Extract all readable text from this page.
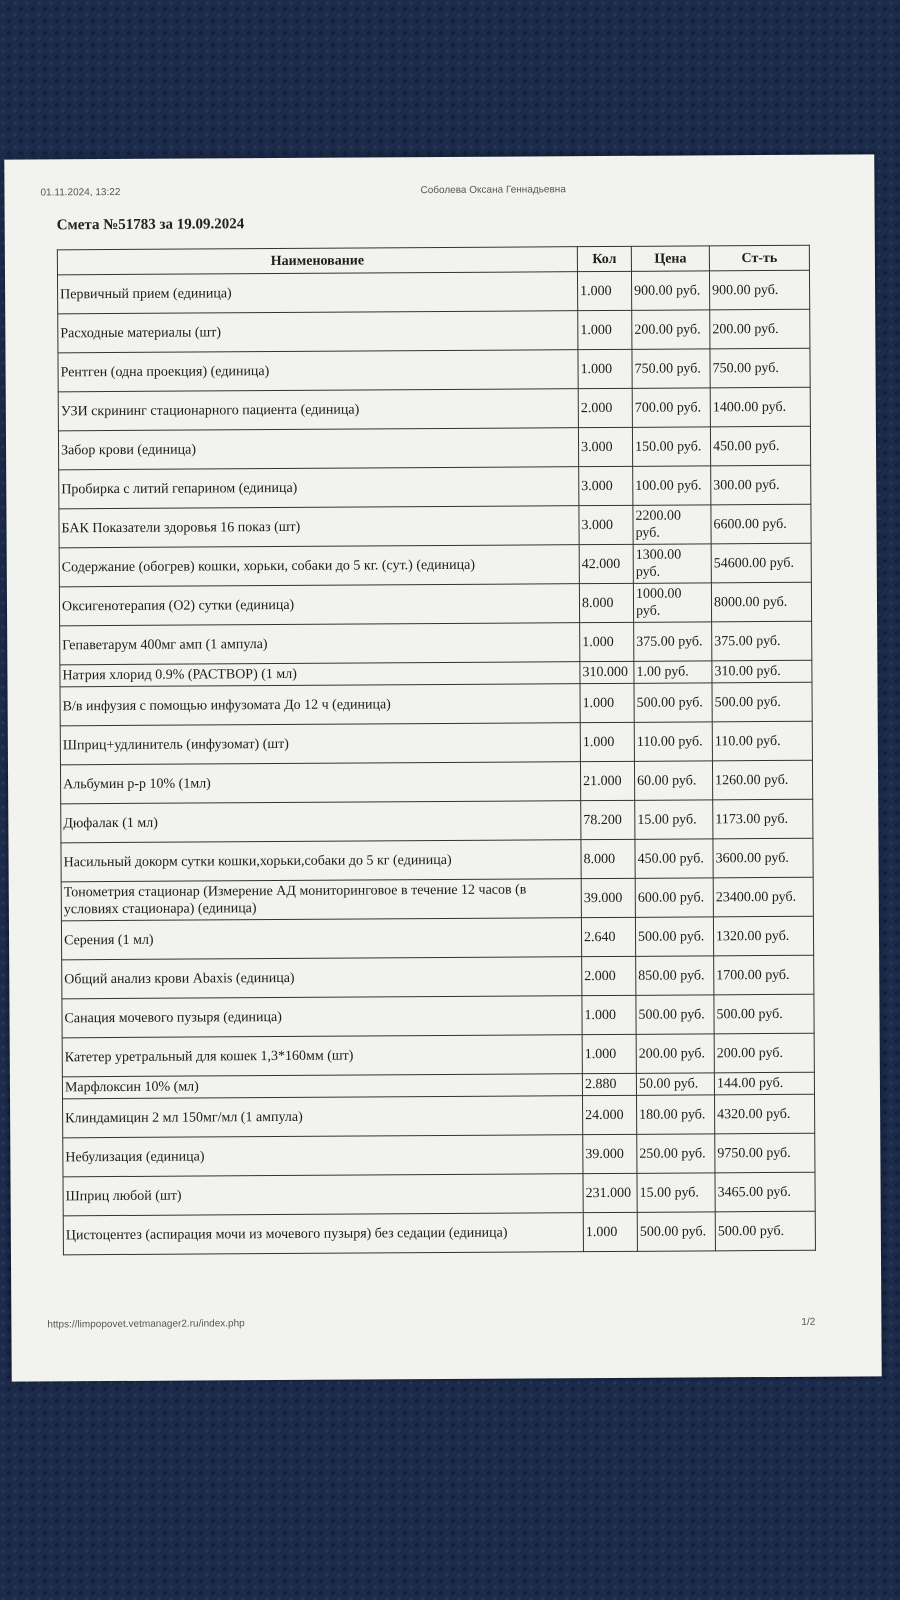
01.11.2024, 13:22	Соболева Оксана Геннадьевна
Смета №51783 за 19.09.2024
Наименование	Кол	Цена	Ст-ть
Первичный прием (единица)	1.000	900.00 руб.	900.00 руб.
Расходные материалы (шт)	1.000	200.00 руб.	200.00 руб.
Рентген (одна проекция) (единица)	1.000	750.00 руб.	750.00 руб.
УЗИ скрининг стационарного пациента (единица)	2.000	700.00 руб.	1400.00 руб.
Забор крови (единица)	3.000	150.00 руб.	450.00 руб.
Пробирка с литий гепарином (единица)	3.000	100.00 руб.	300.00 руб.
БАК Показатели здоровья 16 показ (шт)	3.000	2200.00 руб.	6600.00 руб.
Содержание (обогрев) кошки, хорьки, собаки до 5 кг. (сут.) (единица)	42.000	1300.00 руб.	54600.00 руб.
Оксигенотерапия (О2) сутки (единица)	8.000	1000.00 руб.	8000.00 руб.
Гепаветарум 400мг амп (1 ампула)	1.000	375.00 руб.	375.00 руб.
Натрия хлорид 0.9% (РАСТВОР) (1 мл)	310.000	1.00 руб.	310.00 руб.
В/в инфузия с помощью инфузомата До 12 ч (единица)	1.000	500.00 руб.	500.00 руб.
Шприц+удлинитель (инфузомат) (шт)	1.000	110.00 руб.	110.00 руб.
Альбумин р-р 10% (1мл)	21.000	60.00 руб.	1260.00 руб.
Дюфалак (1 мл)	78.200	15.00 руб.	1173.00 руб.
Насильный докорм сутки кошки,хорьки,собаки до 5 кг (единица)	8.000	450.00 руб.	3600.00 руб.
Тонометрия стационар (Измерение АД мониторинговое в течение 12 часов (в условиях стационара) (единица)	39.000	600.00 руб.	23400.00 руб.
Серения (1 мл)	2.640	500.00 руб.	1320.00 руб.
Общий анализ крови Abaxis (единица)	2.000	850.00 руб.	1700.00 руб.
Санация мочевого пузыря (единица)	1.000	500.00 руб.	500.00 руб.
Катетер уретральный для кошек 1,3*160мм (шт)	1.000	200.00 руб.	200.00 руб.
Марфлоксин 10% (мл)	2.880	50.00 руб.	144.00 руб.
Клиндамицин 2 мл 150мг/мл (1 ампула)	24.000	180.00 руб.	4320.00 руб.
Небулизация (единица)	39.000	250.00 руб.	9750.00 руб.
Шприц любой (шт)	231.000	15.00 руб.	3465.00 руб.
Цистоцентез (аспирация мочи из мочевого пузыря) без седации (единица)	1.000	500.00 руб.	500.00 руб.
https://limpopovet.vetmanager2.ru/index.php	1/2
